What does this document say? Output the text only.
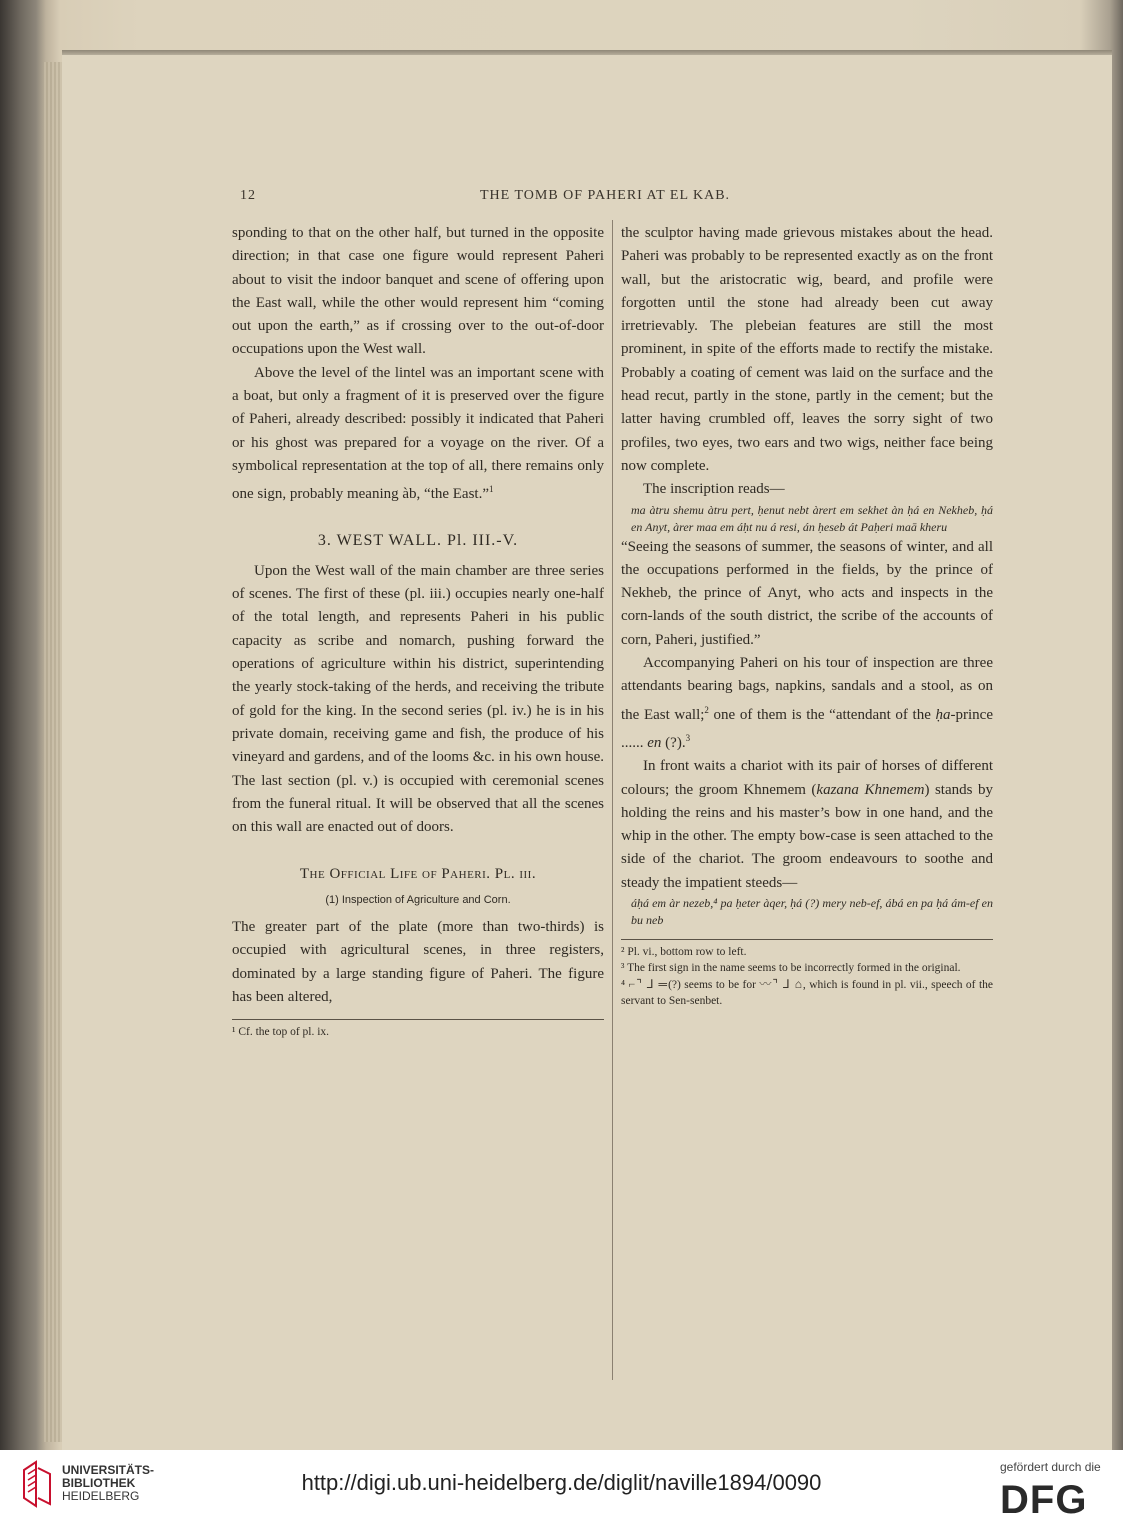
12	THE TOMB OF PAHERI AT EL KAB.

sponding to that on the other half, but turned in the opposite direction; in that case one figure would represent Paheri about to visit the indoor banquet and scene of offering upon the East wall, while the other would represent him “coming out upon the earth,” as if crossing over to the out-of-door occupations upon the West wall.

Above the level of the lintel was an important scene with a boat, but only a fragment of it is preserved over the figure of Paheri, already described: possibly it indicated that Paheri or his ghost was prepared for a voyage on the river. Of a symbolical representation at the top of all, there remains only one sign, probably meaning àb, “the East.”$^1$

3. WEST WALL. Pl. III.-V.

Upon the West wall of the main chamber are three series of scenes. The first of these (pl. iii.) occupies nearly one-half of the total length, and represents Paheri in his public capacity as scribe and nomarch, pushing forward the operations of agriculture within his district, superintending the yearly stock-taking of the herds, and receiving the tribute of gold for the king. In the second series (pl. iv.) he is in his private domain, receiving game and fish, the produce of his vineyard and gardens, and of the looms &c. in his own house. The last section (pl. v.) is occupied with ceremonial scenes from the funeral ritual. It will be observed that all the scenes on this wall are enacted out of doors.

The Official Life of Paheri. Pl. iii.
(1) Inspection of Agriculture and Corn.

The greater part of the plate (more than two-thirds) is occupied with agricultural scenes, in three registers, dominated by a large standing figure of Paheri. The figure has been altered,

¹ Cf. the top of pl. ix.

the sculptor having made grievous mistakes about the head. Paheri was probably to be represented exactly as on the front wall, but the aristocratic wig, beard, and profile were forgotten until the stone had already been cut away irretrievably. The plebeian features are still the most prominent, in spite of the efforts made to rectify the mistake. Probably a coating of cement was laid on the surface and the head recut, partly in the stone, partly in the cement; but the latter having crumbled off, leaves the sorry sight of two profiles, two eyes, two ears and two wigs, neither face being now complete.

The inscription reads—

ma àtru shemu àtru pert, ḥenut nebt àrert em sekhet àn ḥá en Nekheb, ḥá en Anyt, àrer maa em áḥt nu á resi, án ḥeseb át Paḥeri maā kheru

“Seeing the seasons of summer, the seasons of winter, and all the occupations performed in the fields, by the prince of Nekheb, the prince of Anyt, who acts and inspects in the corn-lands of the south district, the scribe of the accounts of corn, Paheri, justified.”

Accompanying Paheri on his tour of inspection are three attendants bearing bags, napkins, sandals and a stool, as on the East wall;$^2$ one of them is the “attendant of the ḥa-prince ...... en (?).$^3$

In front waits a chariot with its pair of horses of different colours; the groom Khnemem (kazana Khnemem) stands by holding the reins and his master’s bow in one hand, and the whip in the other. The empty bow-case is seen attached to the side of the chariot. The groom endeavours to soothe and steady the impatient steeds—

áḥá em àr nezeb,⁴ pa ḥeter àqer, ḥá (?) mery neb-ef, ábá en pa ḥá ám-ef en bu neb

² Pl. vi., bottom row to left.

³ The first sign in the name seems to be incorrectly formed in the original.

⁴ ⌐⌝ ⅃ ═(?) seems to be for 〰⌝ ⅃ ⌂, which is found in pl. vii., speech of the servant to Sen-senbet.

UNIVERSITÄTS-
BIBLIOTHEK
HEIDELBERG
http://digi.ub.uni-heidelberg.de/diglit/naville1894/0090
gefördert durch die
DFG
